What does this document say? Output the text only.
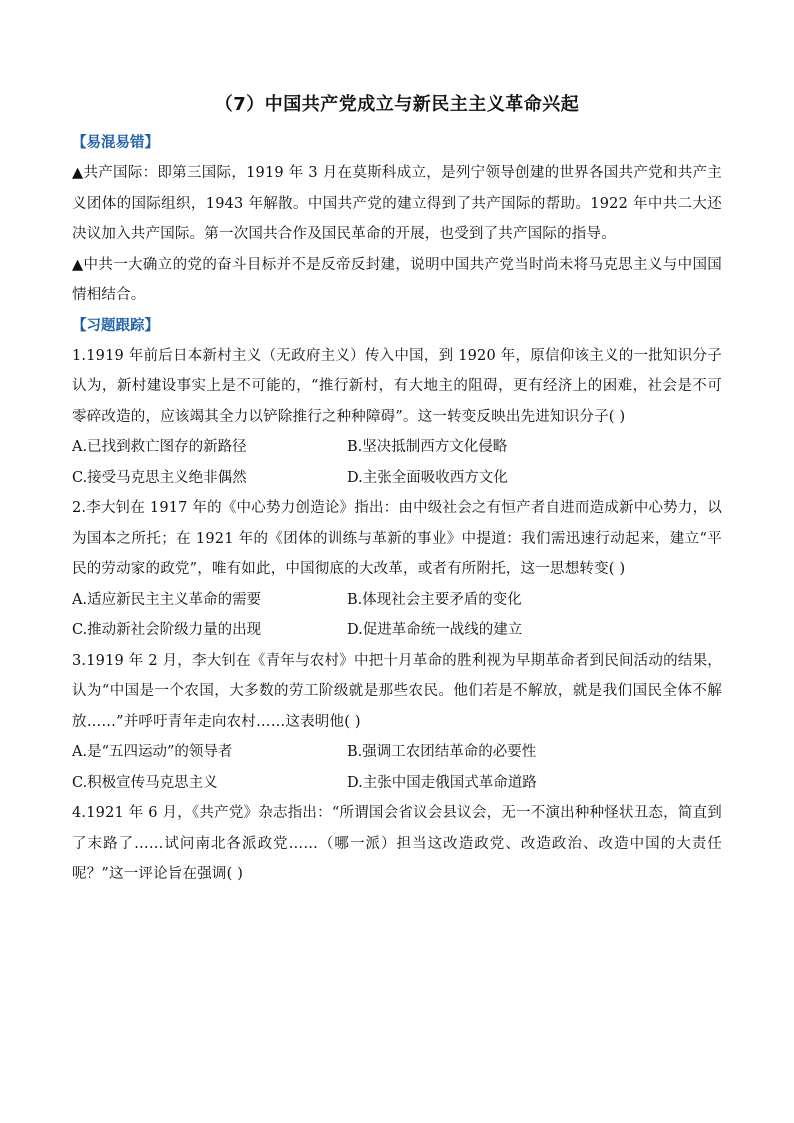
（7）中国共产党成立与新民主主义革命兴起
【易混易错】

▲共产国际：即第三国际，1919 年 3 月在莫斯科成立，是列宁领导创建的世界各国共产党和共产主义团体的国际组织，1943 年解散。中国共产党的建立得到了共产国际的帮助。1922 年中共二大还决议加入共产国际。第一次国共合作及国民革命的开展，也受到了共产国际的指导。

▲中共一大确立的党的奋斗目标并不是反帝反封建，说明中国共产党当时尚未将马克思主义与中国国情相结合。

【习题跟踪】

1.1919 年前后日本新村主义（无政府主义）传入中国，到 1920 年，原信仰该主义的一批知识分子认为，新村建设事实上是不可能的，“推行新村，有大地主的阻碍，更有经济上的困难，社会是不可零碎改造的，应该竭其全力以铲除推行之种种障碍”。这一转变反映出先进知识分子( )

A.已找到救亡图存的新路径	B.坚决抵制西方文化侵略
C.接受马克思主义绝非偶然	D.主张全面吸收西方文化

2.李大钊在 1917 年的《中心势力创造论》指出：由中级社会之有恒产者自进而造成新中心势力，以为国本之所托；在 1921 年的《团体的训练与革新的事业》中提道：我们需迅速行动起来，建立“平民的劳动家的政党”，唯有如此，中国彻底的大改革，或者有所附托，这一思想转变( )

A.适应新民主主义革命的需要	B.体现社会主要矛盾的变化
C.推动新社会阶级力量的出现	D.促进革命统一战线的建立

3.1919 年 2 月，李大钊在《青年与农村》中把十月革命的胜利视为早期革命者到民间活动的结果，认为“中国是一个农国，大多数的劳工阶级就是那些农民。他们若是不解放，就是我们国民全体不解放……”并呼吁青年走向农村……这表明他( )

A.是“五四运动”的领导者	B.强调工农团结革命的必要性
C.积极宣传马克思主义	D.主张中国走俄国式革命道路

4.1921 年 6 月，《共产党》杂志指出：“所谓国会省议会县议会，无一不演出种种怪状丑态，简直到了末路了……试问南北各派政党……（哪一派）担当这改造政党、改造政治、改造中国的大责任呢？”这一评论旨在强调( )
